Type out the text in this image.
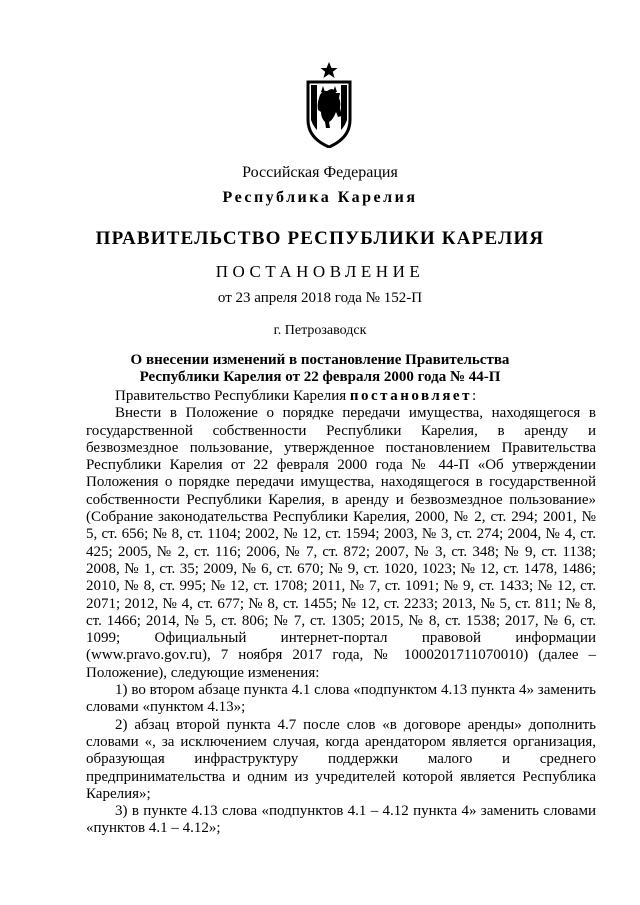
Российская Федерация
Республика Карелия
ПРАВИТЕЛЬСТВО РЕСПУБЛИКИ КАРЕЛИЯ
ПОСТАНОВЛЕНИЕ
от 23 апреля 2018 года № 152-П
г. Петрозаводск
О внесении изменений в постановление Правительства
Республики Карелия от 22 февраля 2000 года № 44-П

Правительство Республики Карелия постановляет:

Внести в Положение о порядке передачи имущества, находящегося в государственной собственности Республики Карелия, в аренду и безвозмездное пользование, утвержденное постановлением Правительства Республики Карелия от 22 февраля 2000 года № 44-П «Об утверждении Положения о порядке передачи имущества, находящегося в государственной собственности Республики Карелия, в аренду и безвозмездное пользование» (Собрание законодательства Республики Карелия, 2000, № 2, ст. 294; 2001, № 5, ст. 656; № 8, ст. 1104; 2002, № 12, ст. 1594; 2003, № 3, ст. 274; 2004, № 4, ст. 425; 2005, № 2, ст. 116; 2006, № 7, ст. 872; 2007, № 3, ст. 348; № 9, ст. 1138; 2008, № 1, ст. 35; 2009, № 6, ст. 670; № 9, ст. 1020, 1023; № 12, ст. 1478, 1486; 2010, № 8, ст. 995; № 12, ст. 1708; 2011, № 7, ст. 1091; № 9, ст. 1433; № 12, ст. 2071; 2012, № 4, ст. 677; № 8, ст. 1455; № 12, ст. 2233; 2013, № 5, ст. 811; № 8, ст. 1466; 2014, № 5, ст. 806; № 7, ст. 1305; 2015, № 8, ст. 1538; 2017, № 6, ст. 1099; Официальный интернет-портал правовой информации (www.pravo.gov.ru), 7 ноября 2017 года, № 1000201711070010) (далее – Положение), следующие изменения:

1) во втором абзаце пункта 4.1 слова «подпунктом 4.13 пункта 4» заменить словами «пунктом 4.13»;

2) абзац второй пункта 4.7 после слов «в договоре аренды» дополнить словами «, за исключением случая, когда арендатором является организация, образующая инфраструктуру поддержки малого и среднего предпринимательства и одним из учредителей которой является Республика Карелия»;

3) в пункте 4.13 слова «подпунктов 4.1 – 4.12 пункта 4» заменить словами «пунктов 4.1 – 4.12»;
